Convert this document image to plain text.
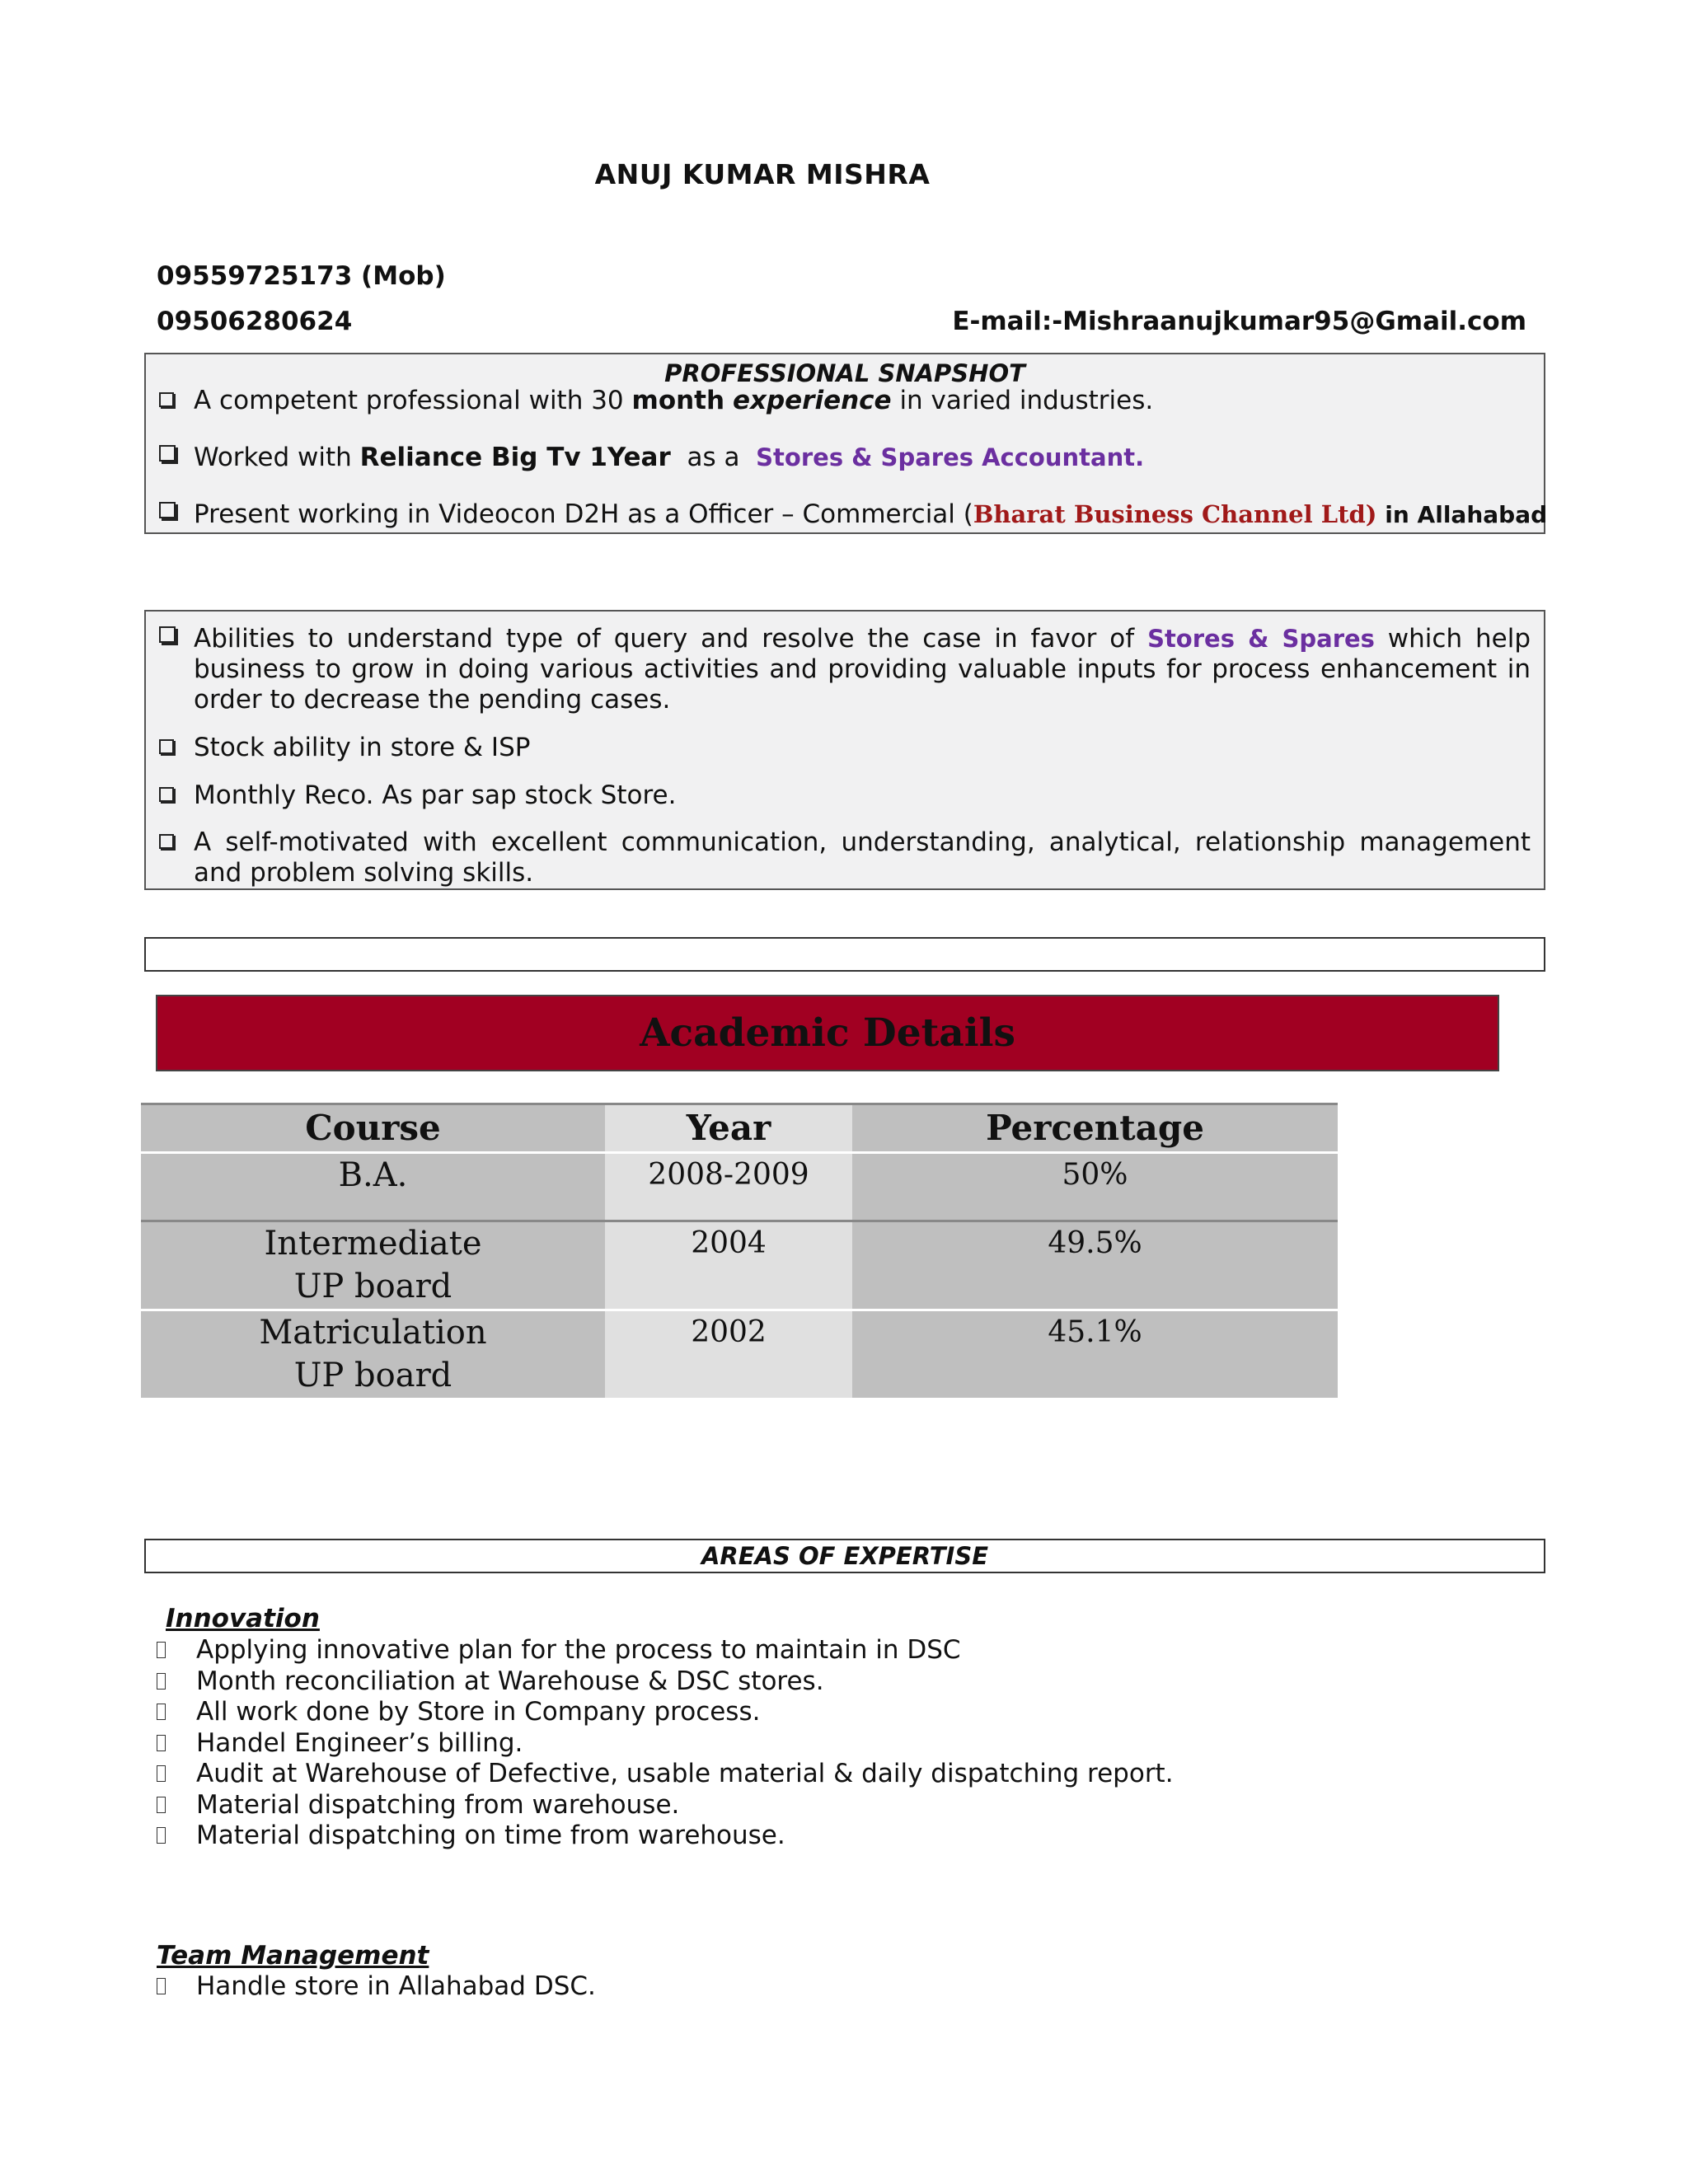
ANUJ KUMAR MISHRA
09559725173 (Mob)
09506280624	E-mail:-Mishraanujkumar95@Gmail.com
PROFESSIONAL SNAPSHOT
A competent professional with 30 month experience in varied industries.
Worked with Reliance Big Tv 1Year  as a  Stores & Spares Accountant.
Present working in Videocon D2H as a Officer – Commercial (Bharat Business Channel Ltd) in Allahabad
Abilities to understand type of query and resolve the case in favor of Stores & Spares which help business to grow in doing various activities and providing valuable inputs for process enhancement in order to decrease the pending cases.
Stock ability in store & ISP
Monthly Reco. As par sap stock Store.
A self-motivated with excellent communication, understanding, analytical, relationship management and problem solving skills.
Academic Details
Course	Year	Percentage
B.A.	2008-2009	50%

Intermediate
UP board	2004	49.5%

Matriculation
UP board	2002	45.1%
AREAS OF EXPERTISE
Innovation
Applying innovative plan for the process to maintain in DSC
Month reconciliation at Warehouse & DSC stores.
All work done by Store in Company process.
Handel Engineer’s billing.
Audit at Warehouse of Defective, usable material & daily dispatching report.
Material dispatching from warehouse.
Material dispatching on time from warehouse.
Team Management
Handle store in Allahabad DSC.
